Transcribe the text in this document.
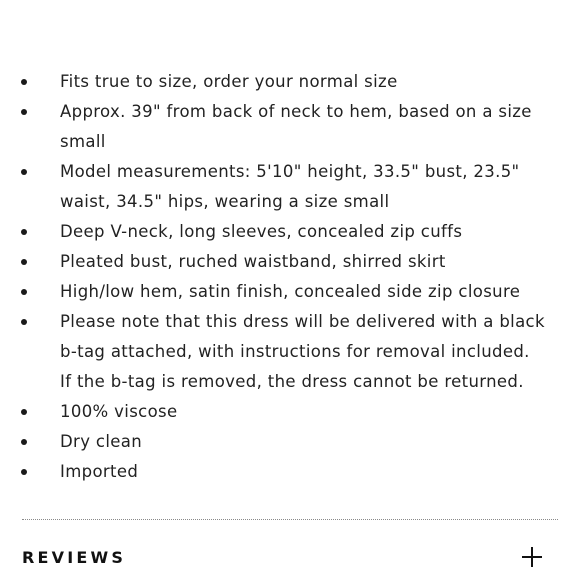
Fits true to size, order your normal size
Approx. 39" from back of neck to hem, based on a size small
Model measurements: 5'10" height, 33.5" bust, 23.5" waist, 34.5" hips, wearing a size small
Deep V-neck, long sleeves, concealed zip cuffs
Pleated bust, ruched waistband, shirred skirt
High/low hem, satin finish, concealed side zip closure
Please note that this dress will be delivered with a black b-tag attached, with instructions for removal included. If the b-tag is removed, the dress cannot be returned.
100% viscose
Dry clean
Imported
REVIEWS
